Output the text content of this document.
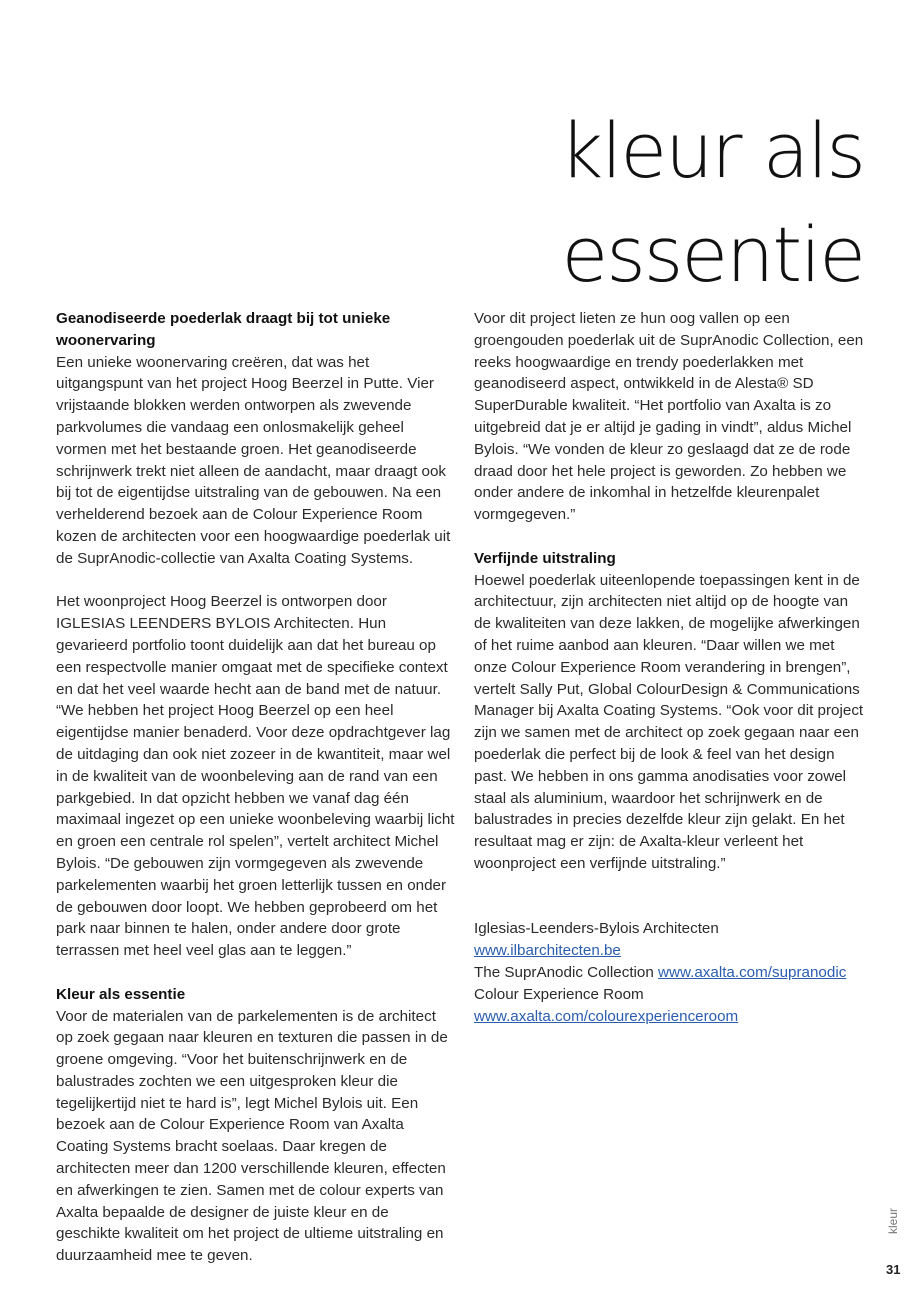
kleur als
essentie

Geanodiseerde poederlak draagt bij tot unieke woonervaring

Een unieke woonervaring creëren, dat was het uitgangspunt van het project Hoog Beerzel in Putte. Vier vrijstaande blokken werden ontworpen als zwevende parkvolumes die vandaag een onlosmakelijk geheel vormen met het bestaande groen. Het geanodiseerde schrijnwerk trekt niet alleen de aandacht, maar draagt ook bij tot de eigentijdse uitstraling van de gebouwen. Na een verhelderend bezoek aan de Colour Experience Room kozen de architecten voor een hoogwaardige poederlak uit de SuprAnodic-collectie van Axalta Coating Systems.

Het woonproject Hoog Beerzel is ontworpen door IGLESIAS LEENDERS BYLOIS Architecten. Hun gevarieerd portfolio toont duidelijk aan dat het bureau op een respectvolle manier omgaat met de specifieke context en dat het veel waarde hecht aan de band met de natuur. “We hebben het project Hoog Beerzel op een heel eigentijdse manier benaderd. Voor deze opdrachtgever lag de uitdaging dan ook niet zozeer in de kwantiteit, maar wel in de kwaliteit van de woonbeleving aan de rand van een parkgebied. In dat opzicht hebben we vanaf dag één maximaal ingezet op een unieke woonbeleving waarbij licht en groen een centrale rol spelen”, vertelt architect Michel Bylois. “De gebouwen zijn vormgegeven als zwevende parkelementen waarbij het groen letterlijk tussen en onder de gebouwen door loopt. We hebben geprobeerd om het park naar binnen te halen, onder andere door grote terrassen met heel veel glas aan te leggen.”

Kleur als essentie

Voor de materialen van de parkelementen is de architect op zoek gegaan naar kleuren en texturen die passen in de groene omgeving. “Voor het buitenschrijnwerk en de balustrades zochten we een uitgesproken kleur die tegelijkertijd niet te hard is”, legt Michel Bylois uit. Een bezoek aan de Colour Experience Room van Axalta Coating Systems bracht soelaas. Daar kregen de architecten meer dan 1200 verschillende kleuren, effecten en afwerkingen te zien. Samen met de colour experts van Axalta bepaalde de designer de juiste kleur en de geschikte kwaliteit om het project de ultieme uitstraling en duurzaamheid mee te geven.

Voor dit project lieten ze hun oog vallen op een groengouden poederlak uit de SuprAnodic Collection, een reeks hoogwaardige en trendy poederlakken met geanodiseerd aspect, ontwikkeld in de Alesta® SD SuperDurable kwaliteit. “Het portfolio van Axalta is zo uitgebreid dat je er altijd je gading in vindt”, aldus Michel Bylois. “We vonden de kleur zo geslaagd dat ze de rode draad door het hele project is geworden. Zo hebben we onder andere de inkomhal in hetzelfde kleurenpalet vormgegeven.”

Verfijnde uitstraling

Hoewel poederlak uiteenlopende toepassingen kent in de architectuur, zijn architecten niet altijd op de hoogte van de kwaliteiten van deze lakken, de mogelijke afwerkingen of het ruime aanbod aan kleuren. “Daar willen we met onze Colour Experience Room verandering in brengen”, vertelt Sally Put, Global ColourDesign & Communications Manager bij Axalta Coating Systems. “Ook voor dit project zijn we samen met de architect op zoek gegaan naar een poederlak die perfect bij de look & feel van het design past. We hebben in ons gamma anodisaties voor zowel staal als aluminium, waardoor het schrijnwerk en de balustrades in precies dezelfde kleur zijn gelakt. En het resultaat mag er zijn: de Axalta-kleur verleent het woonproject een verfijnde uitstraling.”

Iglesias-Leenders-Bylois Architecten www.ilbarchitecten.be

The SuprAnodic Collection www.axalta.com/supranodic

Colour Experience Room

www.axalta.com/colourexperienceroom

kleur
31
